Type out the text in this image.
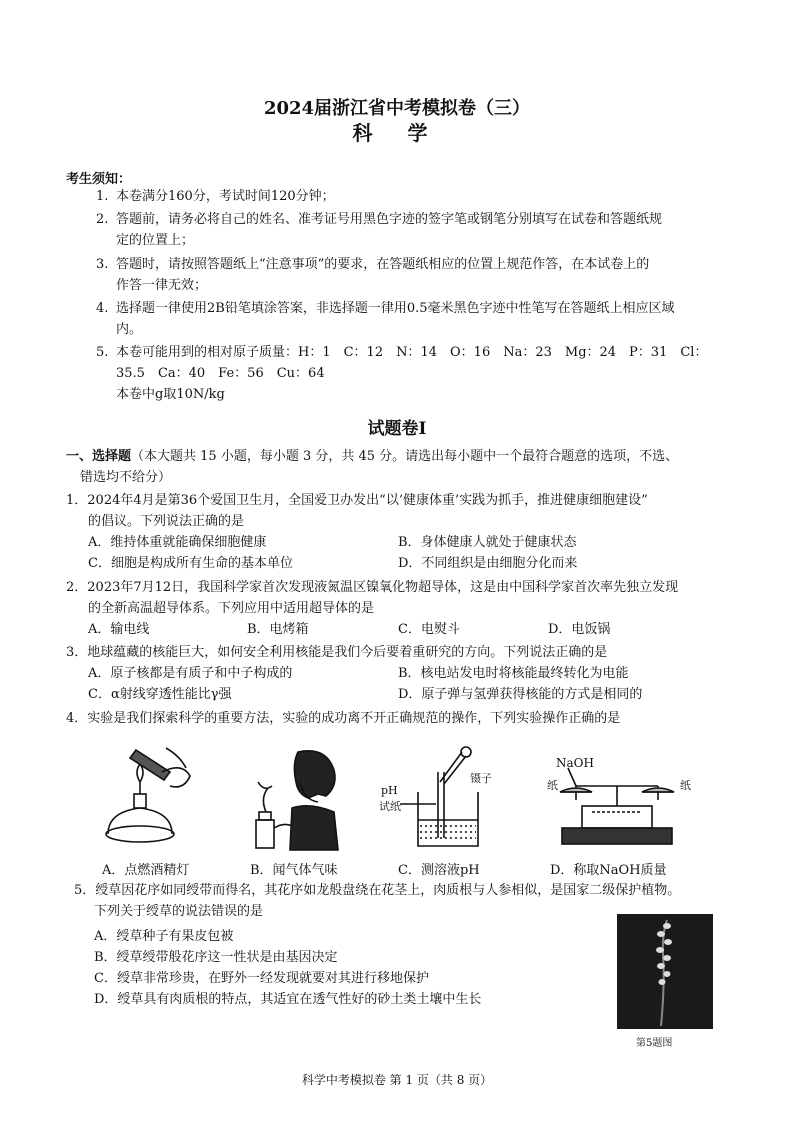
2024届浙江省中考模拟卷（三）
科 学
考生须知：
1. 本卷满分160分，考试时间120分钟；
2. 答题前，请务必将自己的姓名、准考证号用黑色字迹的签字笔或钢笔分别填写在试卷和答题纸规
定的位置上；
3. 答题时，请按照答题纸上“注意事项”的要求，在答题纸相应的位置上规范作答，在本试卷上的
作答一律无效；
4. 选择题一律使用2B铅笔填涂答案，非选择题一律用0.5毫米黑色字迹中性笔写在答题纸上相应区域
内。
5. 本卷可能用到的相对原子质量：H：1　C：12　N：14　O：16　Na：23　Mg：24　P：31　Cl：
35.5　Ca：40　Fe：56　Cu：64
本卷中g取10N/kg
试题卷I
一、选择题（本大题共 15 小题，每小题 3 分，共 45 分。请选出每小题中一个最符合题意的选项，不选、
错选均不给分）
1．2024年4月是第36个爱国卫生月，全国爱卫办发出“以‘健康体重’实践为抓手，推进健康细胞建设”
的倡议。下列说法正确的是
A．维持体重就能确保细胞健康	B．身体健康人就处于健康状态
C．细胞是构成所有生命的基本单位	D．不同组织是由细胞分化而来
2．2023年7月12日，我国科学家首次发现液氮温区镍氧化物超导体，这是由中国科学家首次率先独立发现
的全新高温超导体系。下列应用中适用超导体的是
A．输电线	B．电烤箱	C．电熨斗	D．电饭锅
3．地球蕴藏的核能巨大，如何安全利用核能是我们今后要着重研究的方向。下列说法正确的是
A．原子核都是有质子和中子构成的	B．核电站发电时将核能最终转化为电能
C．α射线穿透性能比γ强	D．原子弹与氢弹获得核能的方式是相同的
4．实验是我们探索科学的重要方法，实验的成功离不开正确规范的操作，下列实验操作正确的是
pH
试纸
镊子
NaOH
纸	纸
A．点燃酒精灯	B．闻气体气味	C．测溶液pH	D．称取NaOH质量
5．绶草因花序如同绶带而得名，其花序如龙般盘绕在花茎上，肉质根与人参相似，是国家二级保护植物。
下列关于绶草的说法错误的是
A．绶草种子有果皮包被
B．绶草绶带般花序这一性状是由基因决定
C．绶草非常珍贵，在野外一经发现就要对其进行移地保护
D．绶草具有肉质根的特点，其适宜在透气性好的砂土类土壤中生长
第5题图
科学中考模拟卷 第 1 页（共 8 页）
